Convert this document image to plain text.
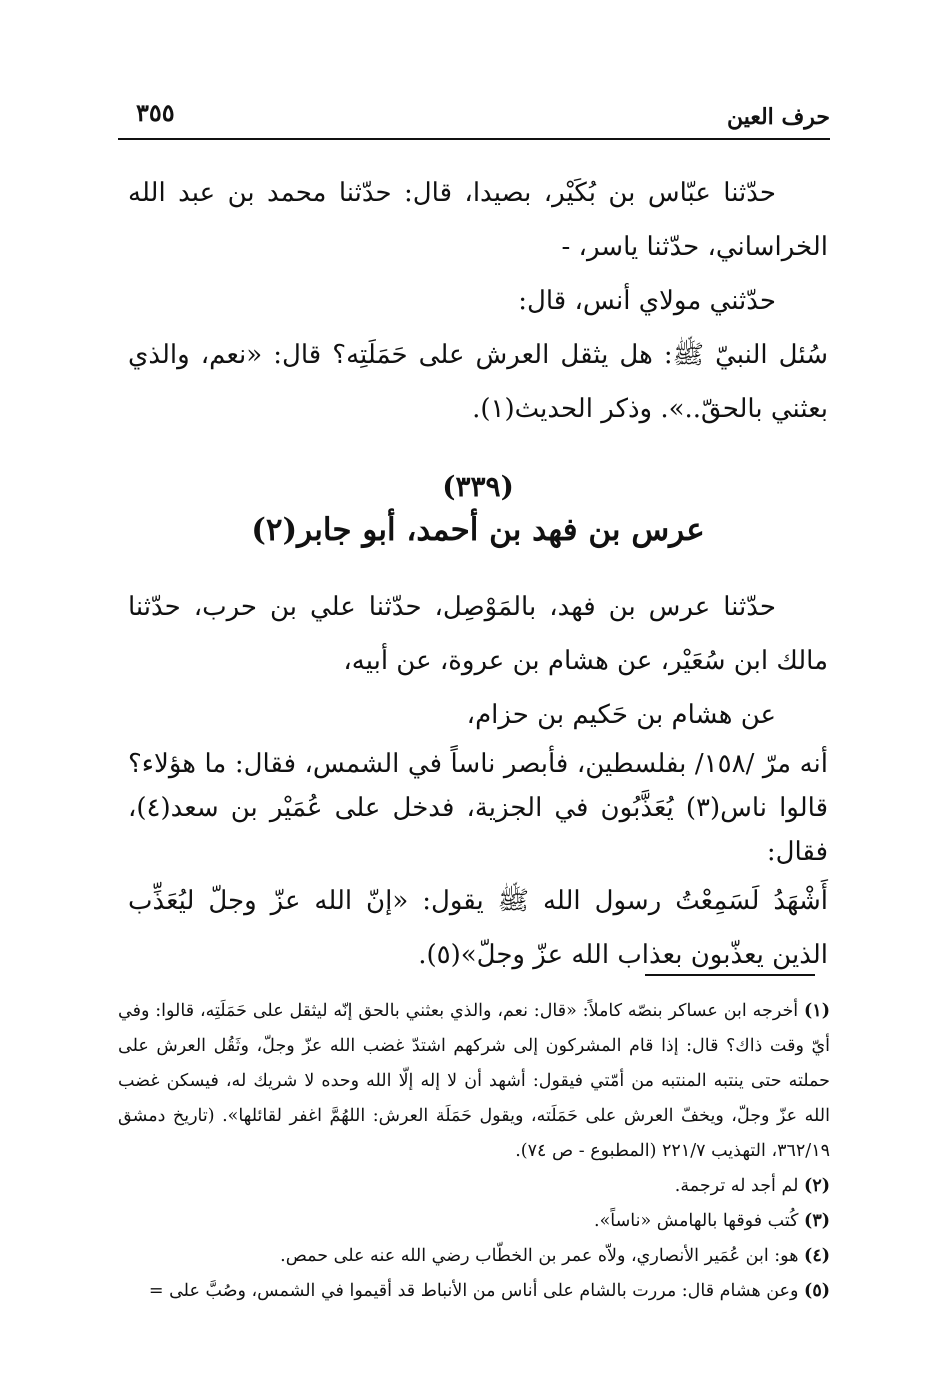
حرف العين
٣٥٥

حدّثنا عبّاس بن بُكَيْر، بصيدا، قال: حدّثنا محمد بن عبد الله الخراساني، حدّثنا ياسر، -

حدّثني مولاي أنس، قال:

سُئل النبيّ ﷺ: هل يثقل العرش على حَمَلَتِه؟ قال: «نعم، والذي بعثني بالحقّ..». وذكر الحديث(١).

(٣٣٩)
عرس بن فهد بن أحمد، أبو جابر(٢)

حدّثنا عرس بن فهد، بالمَوْصِل، حدّثنا علي بن حرب، حدّثنا مالك ابن سُعَيْر، عن هشام بن عروة، عن أبيه،

عن هشام بن حَكيم بن حزام،

أنه مرّ /١٥٨/ بفلسطين، فأبصر ناساً في الشمس، فقال: ما هؤلاء؟ قالوا ناس(٣) يُعَذَّبُون في الجزية، فدخل على عُمَيْر بن سعد(٤)، فقال:

أَشْهَدُ لَسَمِعْتُ رسول الله ﷺ يقول: «إنّ الله عزّ وجلّ ليُعَذِّب الذين يعذّبون بعذاب الله عزّ وجلّ»(٥).

(١) أخرجه ابن عساكر بنصّه كاملاً: «قال: نعم، والذي بعثني بالحق إنّه ليثقل على حَمَلَتِه، قالوا: وفي أيّ وقت ذاك؟ قال: إذا قام المشركون إلى شركهم اشتدّ غضب الله عزّ وجلّ، وثَقُل العرش على حملته حتى ينتبه المنتبه من أمّتي فيقول: أشهد أن لا إله إلّا الله وحده لا شريك له، فيسكن غضب الله عزّ وجلّ، ويخفّ العرش على حَمَلَته، ويقول حَمَلَة العرش: اللهُمَّ اغفر لقائلها». (تاريخ دمشق ٣٦٢/١٩، التهذيب ٢٢١/٧ (المطبوع - ص ٧٤).

(٢) لم أجد له ترجمة.

(٣) كُتب فوقها بالهامش «ناساً».

(٤) هو: ابن عُمَير الأنصاري، ولاّه عمر بن الخطّاب رضي الله عنه على حمص.

(٥) وعن هشام قال: مررت بالشام على أناس من الأنباط قد أقيموا في الشمس، وصُبَّ على =
